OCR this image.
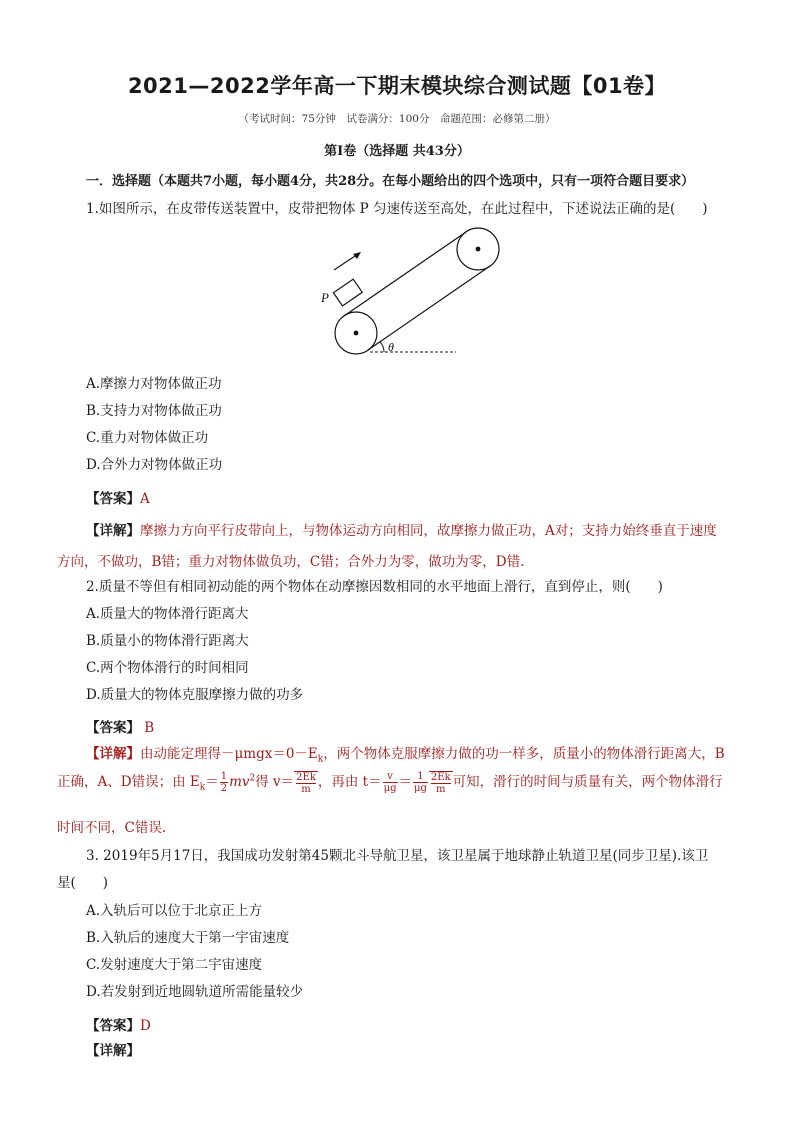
2021—2022学年高一下期末模块综合测试题【01卷】
（考试时间：75分钟　试卷满分：100分　命题范围：必修第二册）
第Ⅰ卷（选择题 共43分）
一．选择题（本题共7小题，每小题4分，共28分。在每小题给出的四个选项中，只有一项符合题目要求）
1.如图所示，在皮带传送装置中，皮带把物体 P 匀速传送至高处，在此过程中，下述说法正确的是(　　)
P
θ
A.摩擦力对物体做正功
B.支持力对物体做正功
C.重力对物体做正功
D.合外力对物体做正功
【答案】A
【详解】摩擦力方向平行皮带向上，与物体运动方向相同，故摩擦力做正功，A对；支持力始终垂直于速度
方向，不做功，B错；重力对物体做负功，C错；合外力为零，做功为零，D错.
2.质量不等但有相同初动能的两个物体在动摩擦因数相同的水平地面上滑行，直到停止，则(　　)
A.质量大的物体滑行距离大
B.质量小的物体滑行距离大
C.两个物体滑行的时间相同
D.质量大的物体克服摩擦力做的功多
【答案】 B
【详解】由动能定理得$-\mu mgx=0-E_k$，两个物体克服摩擦力做的功一样多，质量小的物体滑行距离大，B
正确，A、D错误；由 $E_k= \frac{1}{2} mv^2$得 $v= \frac{2Ek}{m}$ ，再由 $t= \frac{v}{\mu g} = \frac{1}{\mu g} \frac{2Ek}{m}$ 可知，滑行的时间与质量有关，两个物体滑行
时间不同，C错误.
3. 2019年5月17日，我国成功发射第45颗北斗导航卫星，该卫星属于地球静止轨道卫星(同步卫星).该卫
星(　　)
A.入轨后可以位于北京正上方
B.入轨后的速度大于第一宇宙速度
C.发射速度大于第二宇宙速度
D.若发射到近地圆轨道所需能量较少
【答案】D
【详解】
